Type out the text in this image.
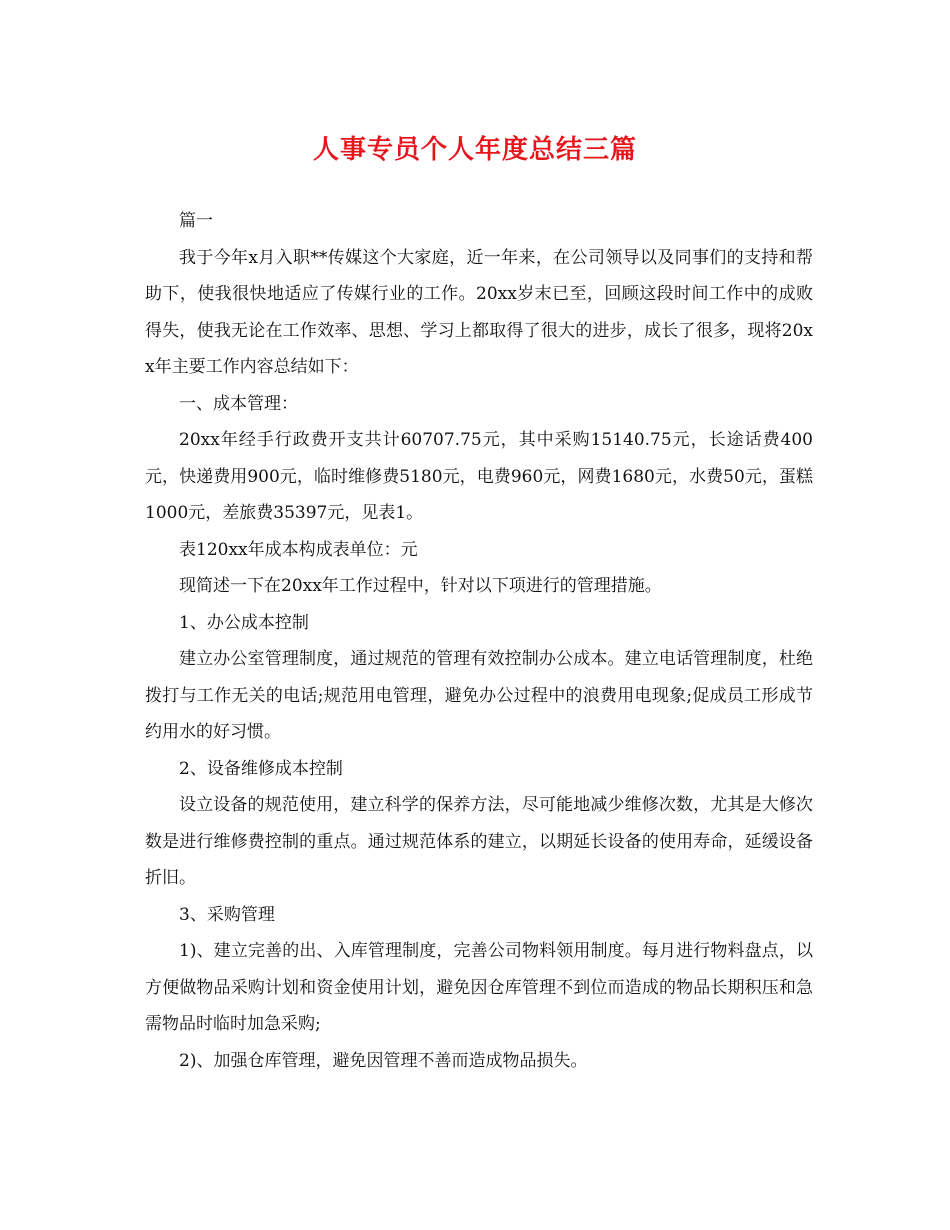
人事专员个人年度总结三篇

篇一

我于今年x月入职**传媒这个大家庭，近一年来，在公司领导以及同事们的支持和帮助下，使我很快地适应了传媒行业的工作。20xx岁末已至，回顾这段时间工作中的成败得失，使我无论在工作效率、思想、学习上都取得了很大的进步，成长了很多，现将20xx年主要工作内容总结如下：

一、成本管理：

20xx年经手行政费开支共计60707.75元，其中采购15140.75元，长途话费400元，快递费用900元，临时维修费5180元，电费960元，网费1680元，水费50元，蛋糕1000元，差旅费35397元，见表1。

表120xx年成本构成表单位：元

现简述一下在20xx年工作过程中，针对以下项进行的管理措施。

1、办公成本控制

建立办公室管理制度，通过规范的管理有效控制办公成本。建立电话管理制度，杜绝拨打与工作无关的电话;规范用电管理，避免办公过程中的浪费用电现象;促成员工形成节约用水的好习惯。

2、设备维修成本控制

设立设备的规范使用，建立科学的保养方法，尽可能地减少维修次数，尤其是大修次数是进行维修费控制的重点。通过规范体系的建立，以期延长设备的使用寿命，延缓设备折旧。

3、采购管理

1)、建立完善的出、入库管理制度，完善公司物料领用制度。每月进行物料盘点，以方便做物品采购计划和资金使用计划，避免因仓库管理不到位而造成的物品长期积压和急需物品时临时加急采购;

2)、加强仓库管理，避免因管理不善而造成物品损失。
